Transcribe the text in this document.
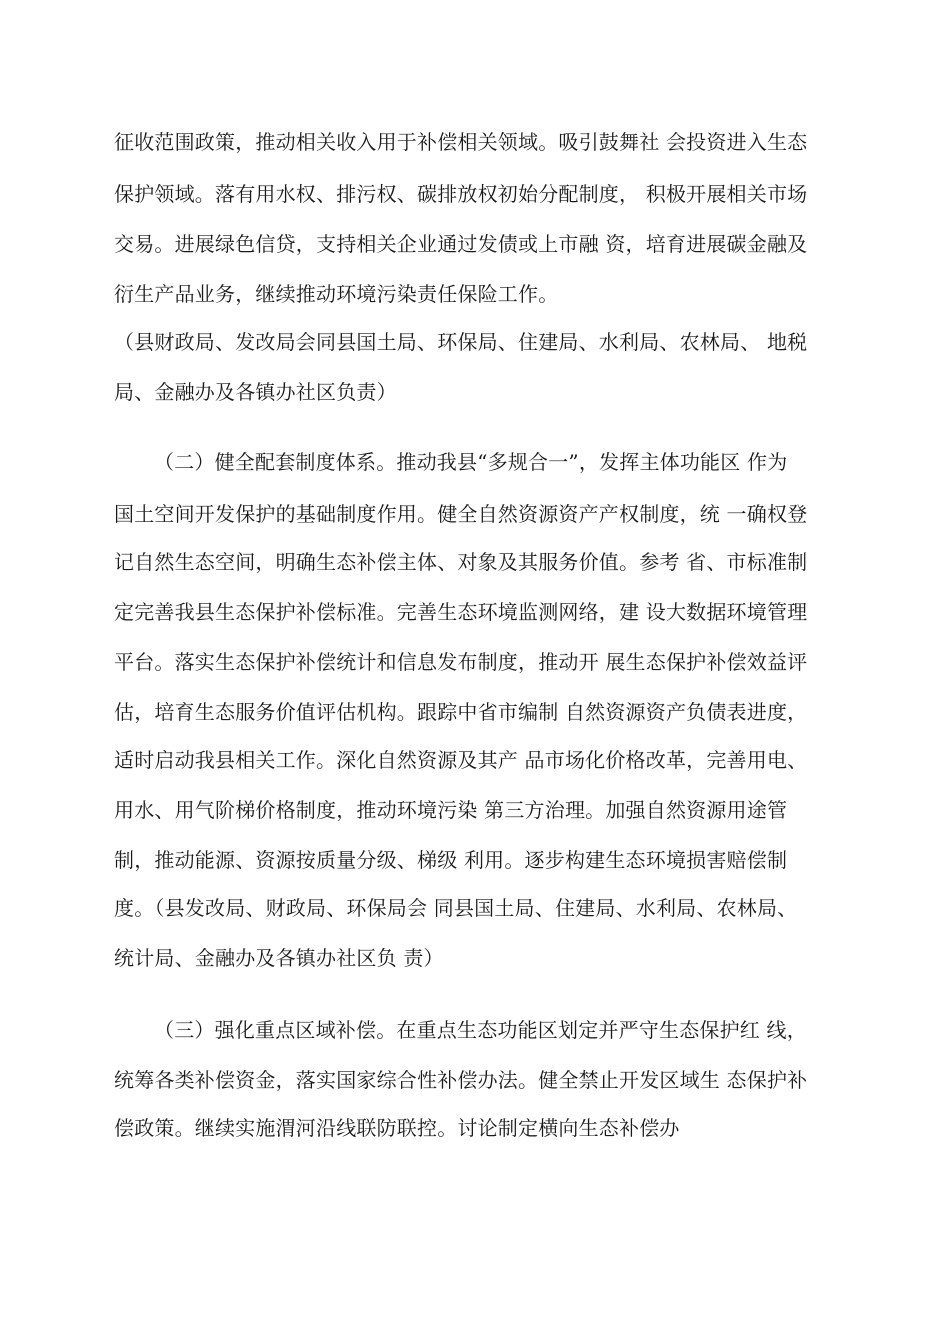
征收范围政策，推动相关收入用于补偿相关领域。吸引鼓舞社 会投资进入生态
保护领域。落有用水权、排污权、碳排放权初始分配制度， 积极开展相关市场
交易。进展绿色信贷，支持相关企业通过发债或上市融 资，培育进展碳金融及
衍生产品业务，继续推动环境污染责任保险工作。
（县财政局、发改局会同县国土局、环保局、住建局、水利局、农林局、 地税
局、金融办及各镇办社区负责）
（二）健全配套制度体系。推动我县“多规合一”，发挥主体功能区 作为
国土空间开发保护的基础制度作用。健全自然资源资产产权制度，统 一确权登
记自然生态空间，明确生态补偿主体、对象及其服务价值。参考 省、市标准制
定完善我县生态保护补偿标准。完善生态环境监测网络，建 设大数据环境管理
平台。落实生态保护补偿统计和信息发布制度，推动开 展生态保护补偿效益评
估，培育生态服务价值评估机构。跟踪中省市编制 自然资源资产负债表进度，
适时启动我县相关工作。深化自然资源及其产 品市场化价格改革，完善用电、
用水、用气阶梯价格制度，推动环境污染 第三方治理。加强自然资源用途管
制，推动能源、资源按质量分级、梯级 利用。逐步构建生态环境损害赔偿制
度。（县发改局、财政局、环保局会 同县国土局、住建局、水利局、农林局、
统计局、金融办及各镇办社区负 责）
（三）强化重点区域补偿。在重点生态功能区划定并严守生态保护红 线，
统筹各类补偿资金，落实国家综合性补偿办法。健全禁止开发区域生 态保护补
偿政策。继续实施渭河沿线联防联控。讨论制定横向生态补偿办
